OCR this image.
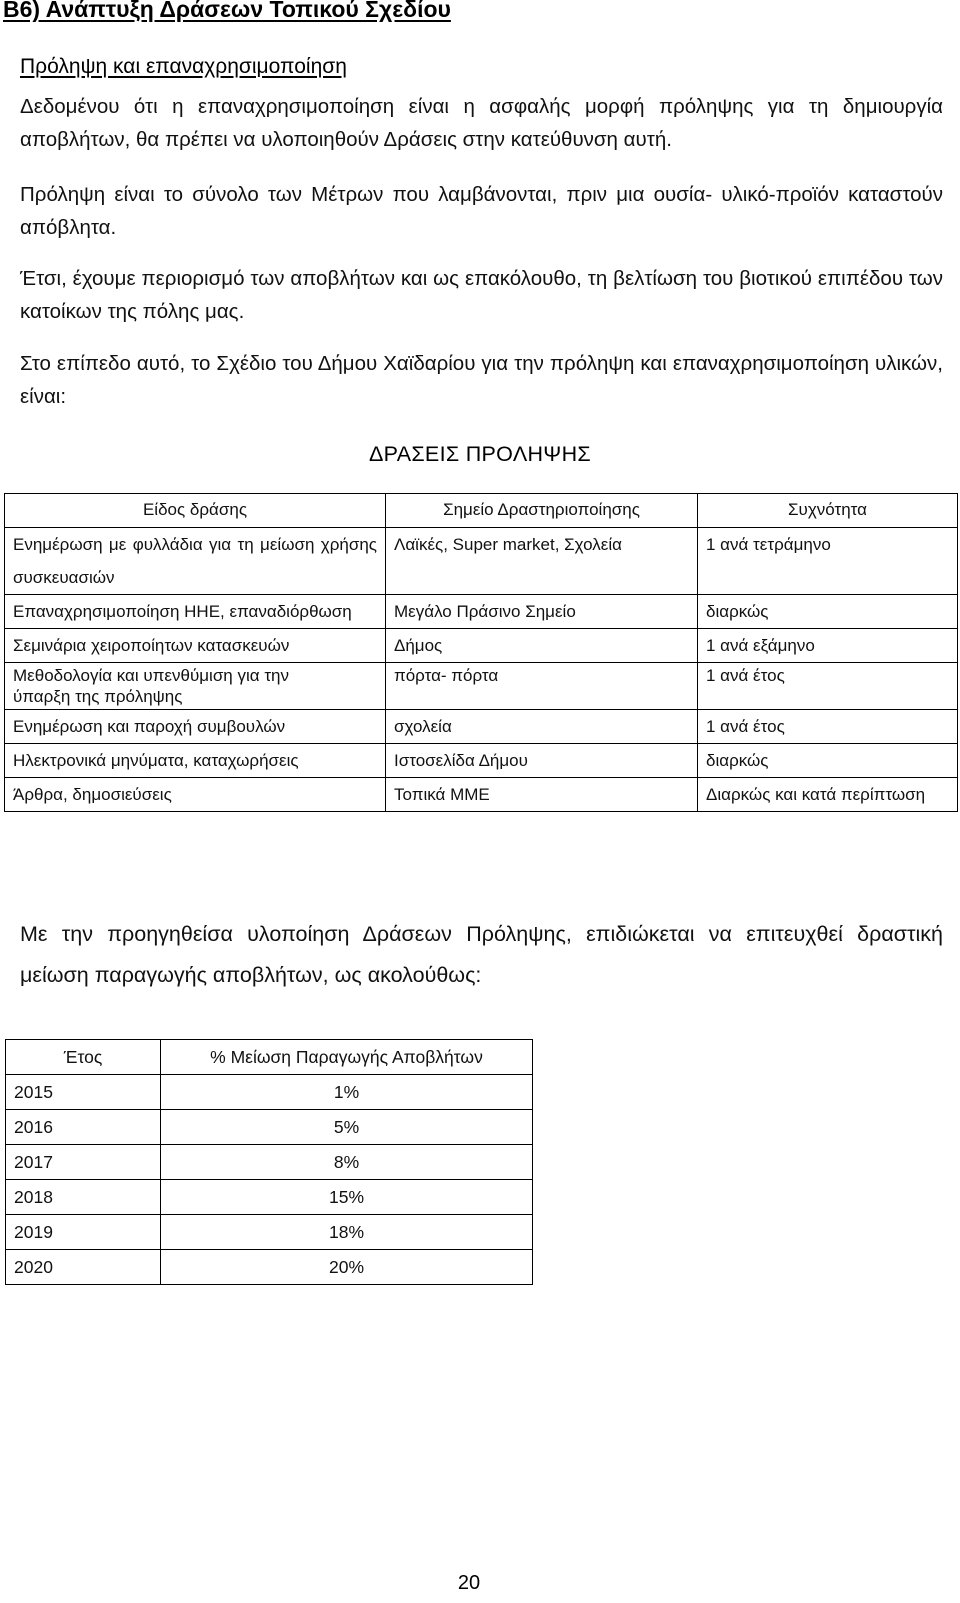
Β6) Ανάπτυξη Δράσεων Τοπικού Σχεδίου
Πρόληψη και επαναχρησιμοποίηση
Δεδομένου ότι η επαναχρησιμοποίηση είναι η ασφαλής μορφή πρόληψης για τη δημιουργία αποβλήτων, θα πρέπει να υλοποιηθούν Δράσεις στην κατεύθυνση αυτή.
Πρόληψη είναι το σύνολο των Μέτρων που λαμβάνονται, πριν μια ουσία- υλικό-προϊόν καταστούν απόβλητα.
Έτσι, έχουμε περιορισμό των αποβλήτων και ως επακόλουθο, τη βελτίωση του βιοτικού επιπέδου των κατοίκων της πόλης μας.
Στο επίπεδο αυτό, το Σχέδιο του Δήμου Χαϊδαρίου για την πρόληψη και επαναχρησιμοποίηση υλικών, είναι:
ΔΡΑΣΕΙΣ ΠΡΟΛΗΨΗΣ
Είδος δράσης	Σημείο Δραστηριοποίησης	Συχνότητα

Ενημέρωση με φυλλάδια για τη μείωση χρήσης συσκευασιών	Λαϊκές, Super market, Σχολεία	1 ανά τετράμηνο
Επαναχρησιμοποίηση ΗΗΕ, επαναδιόρθωση	Μεγάλο Πράσινο Σημείο	διαρκώς
Σεμινάρια χειροποίητων κατασκευών	Δήμος	1 ανά εξάμηνο
Μεθοδολογία και υπενθύμιση για την ύπαρξη της πρόληψης	πόρτα- πόρτα	1 ανά έτος
Ενημέρωση και παροχή συμβουλών	σχολεία	1 ανά έτος
Ηλεκτρονικά μηνύματα, καταχωρήσεις	Ιστοσελίδα Δήμου	διαρκώς
Άρθρα, δημοσιεύσεις	Τοπικά ΜΜΕ	Διαρκώς και κατά περίπτωση
Με την προηγηθείσα υλοποίηση Δράσεων Πρόληψης, επιδιώκεται να επιτευχθεί δραστική μείωση παραγωγής αποβλήτων, ως ακολούθως:
Έτος	% Μείωση Παραγωγής Αποβλήτων
2015	1%
2016	5%
2017	8%
2018	15%
2019	18%
2020	20%
20
